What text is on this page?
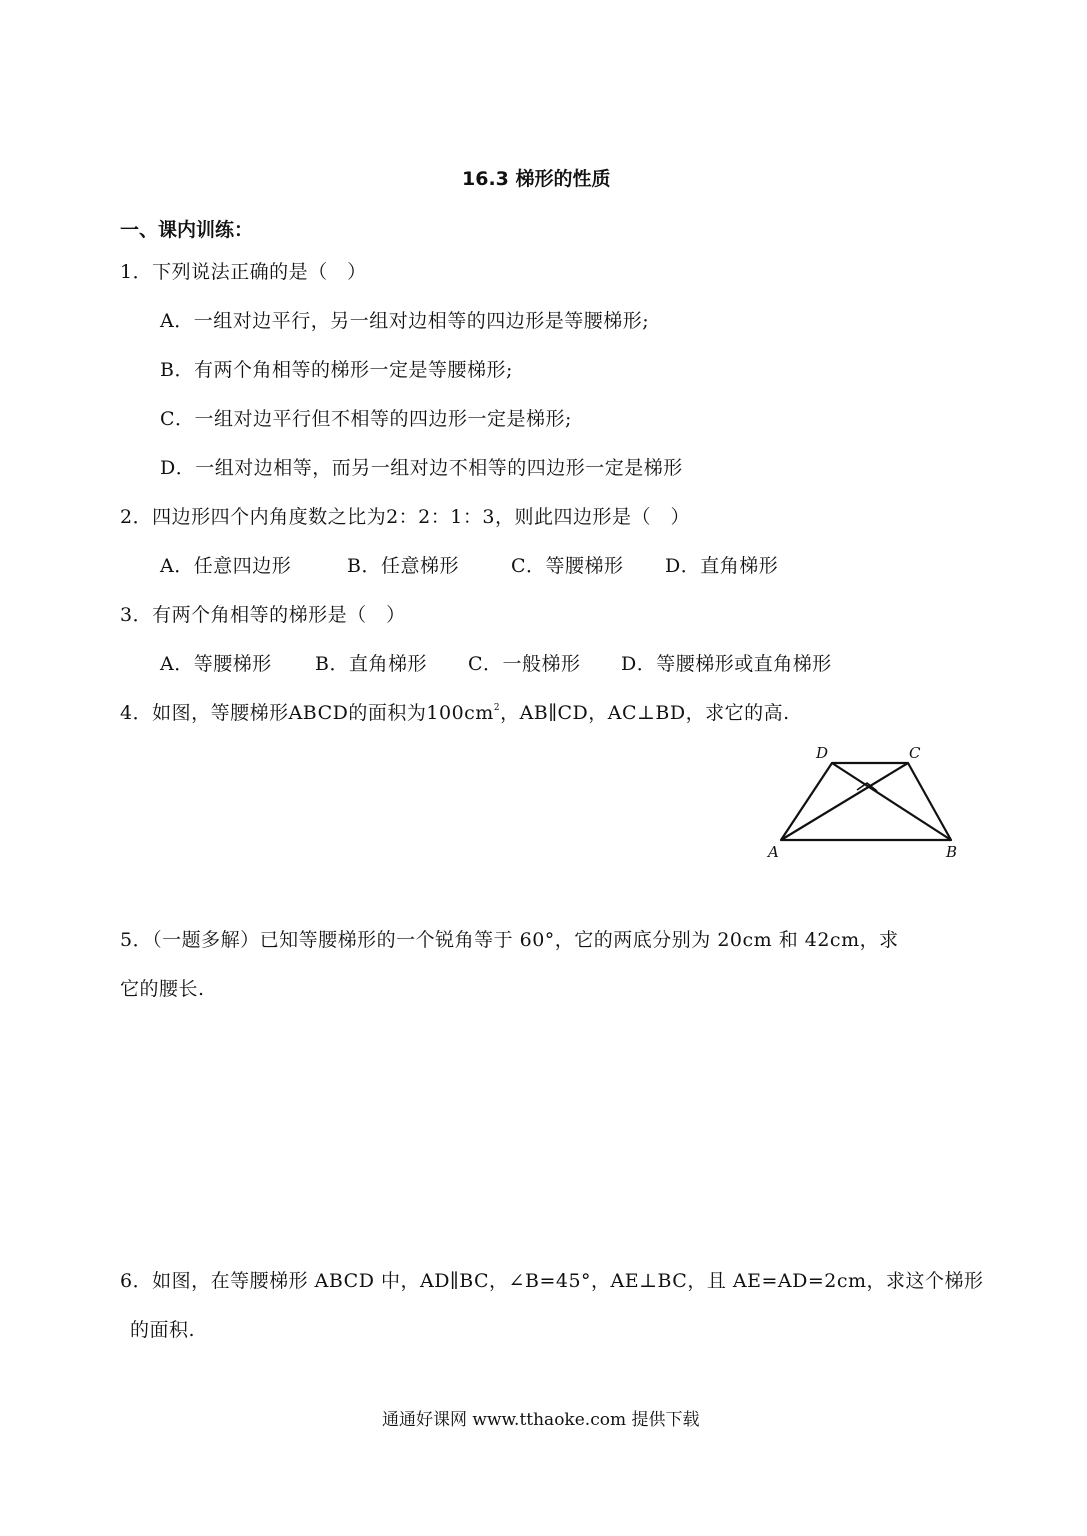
16.3 梯形的性质
一、课内训练：
1．下列说法正确的是（　）
A．一组对边平行，另一组对边相等的四边形是等腰梯形;
B．有两个角相等的梯形一定是等腰梯形;
C．一组对边平行但不相等的四边形一定是梯形;
D．一组对边相等，而另一组对边不相等的四边形一定是梯形
2．四边形四个内角度数之比为2：2：1：3，则此四边形是（　）
A．任意四边形	B．任意梯形	C．等腰梯形 D．直角梯形
3．有两个角相等的梯形是（　）
A．等腰梯形 B．直角梯形 C．一般梯形 D．等腰梯形或直角梯形
4．如图，等腰梯形ABCD的面积为$100cm^2$，AB∥CD，AC⊥BD，求它的高.
D	C
A	B
5．（一题多解）已知等腰梯形的一个锐角等于 60°，它的两底分别为 20cm 和 42cm，求
它的腰长.
6．如图，在等腰梯形 ABCD 中，AD∥BC，∠B=45°，AE⊥BC，且 AE=AD=2cm，求这个梯形
的面积.
通通好课网 www.tthaoke.com 提供下载
